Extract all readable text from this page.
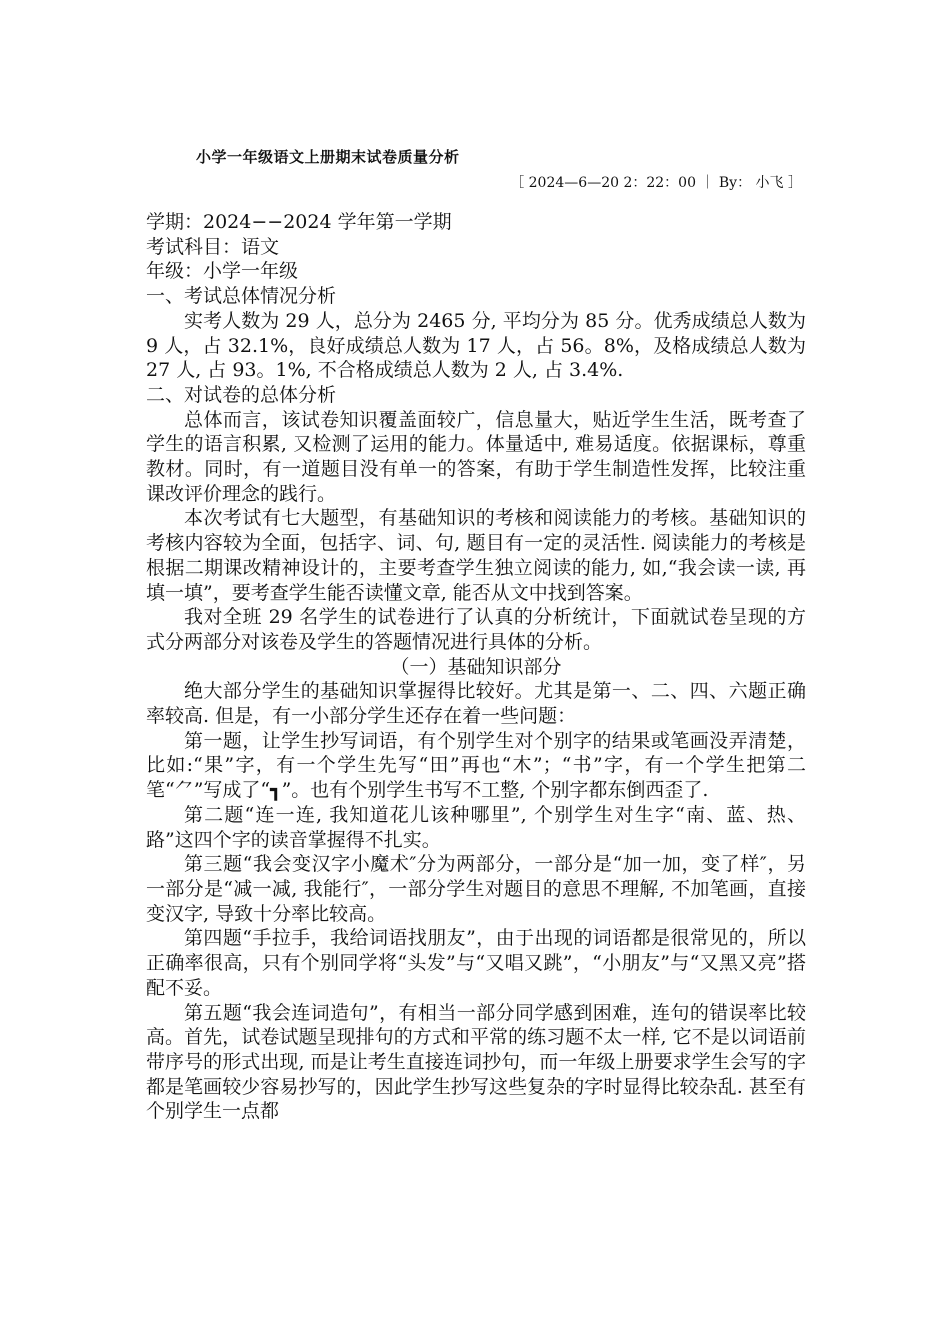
小学一年级语文上册期末试卷质量分析
［ 2024—6—20 2：22：00 ｜ By： 小飞 ］

学期：2024−−2024 学年第一学期

考试科目：语文

年级：小学一年级

一、考试总体情况分析

实考人数为 29 人，总分为 2465 分, 平均分为 85 分。优秀成绩总人数为 9 人，占 32.1%，良好成绩总人数为 17 人，占 56。8%，及格成绩总人数为 27 人, 占 93。1%, 不合格成绩总人数为 2 人, 占 3.4%.

二、对试卷的总体分析

总体而言，该试卷知识覆盖面较广，信息量大，贴近学生生活，既考查了学生的语言积累, 又检测了运用的能力。体量适中, 难易适度。依据课标，尊重教材。同时，有一道题目没有单一的答案，有助于学生制造性发挥，比较注重课改评价理念的践行。

本次考试有七大题型，有基础知识的考核和阅读能力的考核。基础知识的考核内容较为全面，包括字、词、句, 题目有一定的灵活性. 阅读能力的考核是根据二期课改精神设计的，主要考查学生独立阅读的能力, 如,“我会读一读, 再填一填”，要考查学生能否读懂文章, 能否从文中找到答案。

我对全班 29 名学生的试卷进行了认真的分析统计，下面就试卷呈现的方式分两部分对该卷及学生的答题情况进行具体的分析。

（一）基础知识部分

绝大部分学生的基础知识掌握得比较好。尤其是第一、二、四、六题正确率较高. 但是，有一小部分学生还存在着一些问题：

第一题，让学生抄写词语，有个别学生对个别字的结果或笔画没弄清楚，比如:“果”字，有一个学生先写“田”再也“木”；“书”字，有一个学生把第二笔“⺈”写成了“┓”。也有个别学生书写不工整, 个别字都东倒西歪了.

第二题“连一连, 我知道花儿该种哪里”, 个别学生对生字“南、蓝、热、路”这四个字的读音掌握得不扎实。

第三题“我会变汉字小魔术″分为两部分，一部分是“加一加，变了样″，另一部分是“减一减, 我能行″，一部分学生对题目的意思不理解, 不加笔画，直接变汉字, 导致十分率比较高。

第四题“手拉手，我给词语找朋友”，由于出现的词语都是很常见的，所以正确率很高，只有个别同学将“头发”与“又唱又跳”，“小朋友”与“又黑又亮”搭配不妥。

第五题“我会连词造句”，有相当一部分同学感到困难，连句的错误率比较高。首先，试卷试题呈现排句的方式和平常的练习题不太一样, 它不是以词语前带序号的形式出现, 而是让考生直接连词抄句，而一年级上册要求学生会写的字都是笔画较少容易抄写的，因此学生抄写这些复杂的字时显得比较杂乱. 甚至有个别学生一点都
